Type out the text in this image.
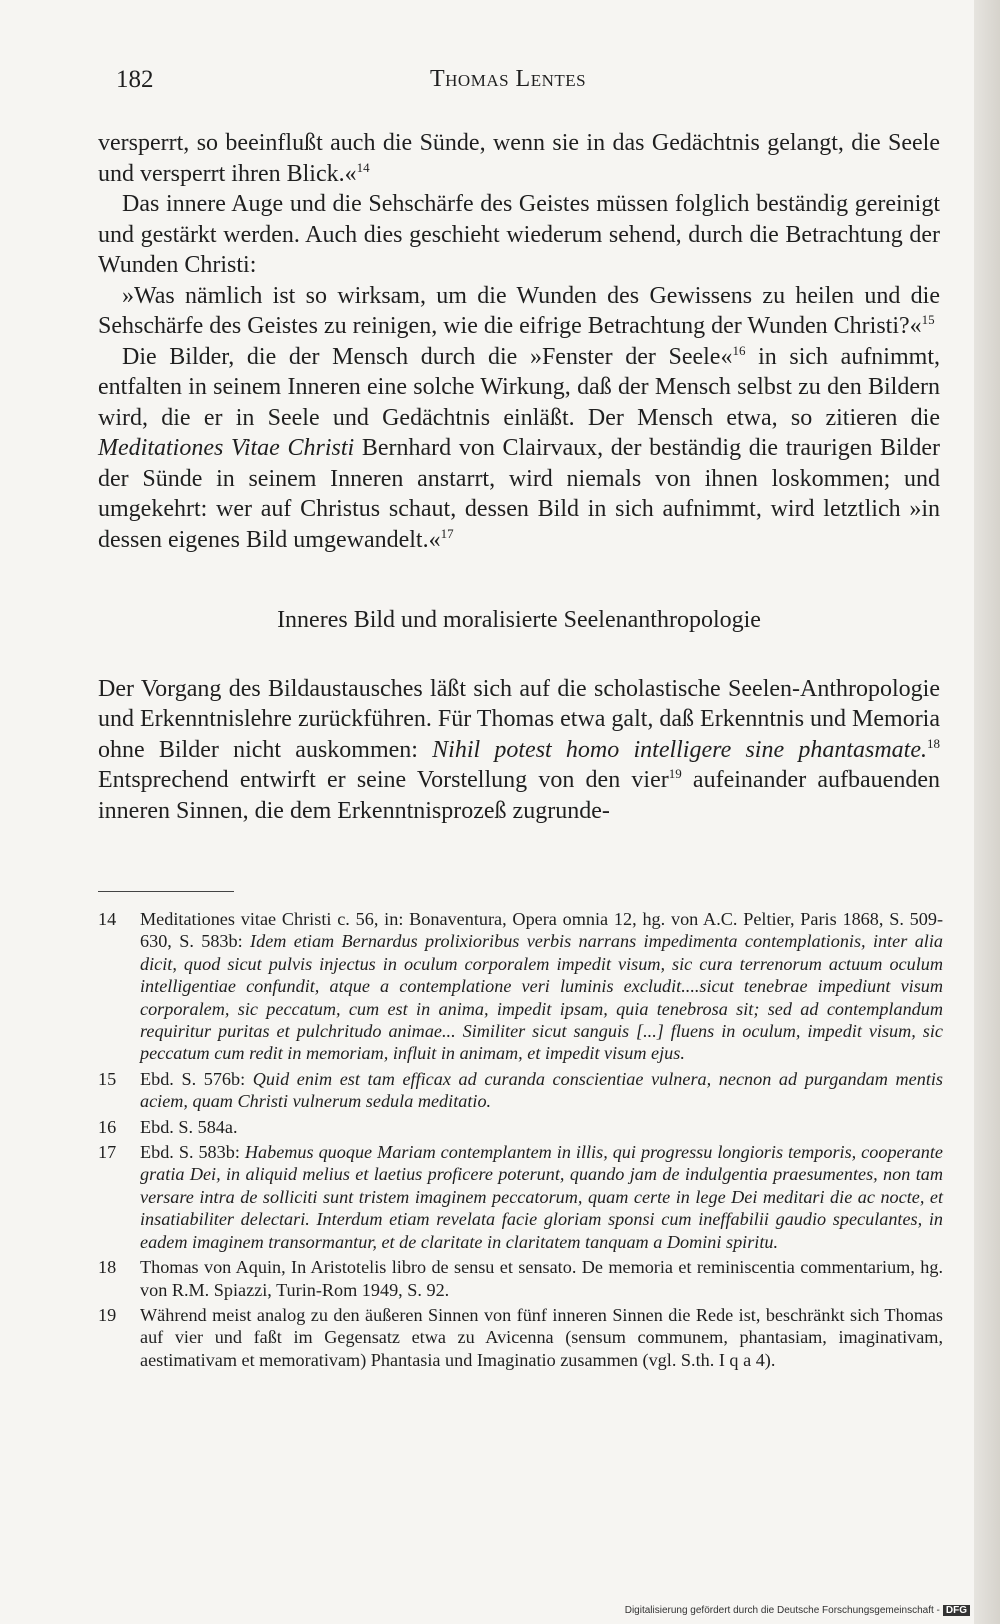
182	Thomas Lentes

versperrt, so beeinflußt auch die Sünde, wenn sie in das Gedächtnis gelangt, die Seele und versperrt ihren Blick.«$^{14}$

Das innere Auge und die Sehschärfe des Geistes müssen folglich beständig gereinigt und gestärkt werden. Auch dies geschieht wiederum sehend, durch die Betrachtung der Wunden Christi:

»Was nämlich ist so wirksam, um die Wunden des Gewissens zu heilen und die Sehschärfe des Geistes zu reinigen, wie die eifrige Betrachtung der Wunden Christi?«$^{15}$

Die Bilder, die der Mensch durch die »Fenster der Seele«$^{16}$ in sich aufnimmt, entfalten in seinem Inneren eine solche Wirkung, daß der Mensch selbst zu den Bildern wird, die er in Seele und Gedächtnis einläßt. Der Mensch etwa, so zitieren die Meditationes Vitae Christi Bernhard von Clairvaux, der beständig die traurigen Bilder der Sünde in seinem Inneren anstarrt, wird niemals von ihnen loskommen; und umgekehrt: wer auf Christus schaut, dessen Bild in sich aufnimmt, wird letztlich »in dessen eigenes Bild umgewandelt.«$^{17}$

Inneres Bild und moralisierte Seelenanthropologie

Der Vorgang des Bildaustausches läßt sich auf die scholastische Seelen-Anthropologie und Erkenntnislehre zurückführen. Für Thomas etwa galt, daß Erkenntnis und Memoria ohne Bilder nicht auskommen: Nihil potest homo intelligere sine phantasmate.$^{18}$ Entsprechend entwirft er seine Vorstellung von den vier$^{19}$ aufeinander aufbauenden inneren Sinnen, die dem Erkenntnisprozeß zugrunde-

14	Meditationes vitae Christi c. 56, in: Bonaventura, Opera omnia 12, hg. von A.C. Peltier, Paris 1868, S. 509-630, S. 583b: Idem etiam Bernardus prolixioribus verbis narrans impedimenta contemplationis, inter alia dicit, quod sicut pulvis injectus in oculum corporalem impedit visum, sic cura terrenorum actuum oculum intelligentiae confundit, atque a contemplatione veri luminis excludit....sicut tenebrae impediunt visum corporalem, sic peccatum, cum est in anima, impedit ipsam, quia tenebrosa sit; sed ad contemplandum requiritur puritas et pulchritudo animae... Similiter sicut sanguis [...] fluens in oculum, impedit visum, sic peccatum cum redit in memoriam, influit in animam, et impedit visum ejus.
15	Ebd. S. 576b: Quid enim est tam efficax ad curanda conscientiae vulnera, necnon ad purgandam mentis aciem, quam Christi vulnerum sedula meditatio.
16	Ebd. S. 584a.
17	Ebd. S. 583b: Habemus quoque Mariam contemplantem in illis, qui progressu longioris temporis, cooperante gratia Dei, in aliquid melius et laetius proficere poterunt, quando jam de indulgentia praesumentes, non tam versare intra de solliciti sunt tristem imaginem peccatorum, quam certe in lege Dei meditari die ac nocte, et insatiabiliter delectari. Interdum etiam revelata facie gloriam sponsi cum ineffabilii gaudio speculantes, in eadem imaginem transormantur, et de claritate in claritatem tanquam a Domini spiritu.
18	Thomas von Aquin, In Aristotelis libro de sensu et sensato. De memoria et reminiscentia commentarium, hg. von R.M. Spiazzi, Turin-Rom 1949, S. 92.
19	Während meist analog zu den äußeren Sinnen von fünf inneren Sinnen die Rede ist, beschränkt sich Thomas auf vier und faßt im Gegensatz etwa zu Avicenna (sensum communem, phantasiam, imaginativam, aestimativam et memorativam) Phantasia und Imaginatio zusammen (vgl. S.th. I q a 4).
Digitalisierung gefördert durch die Deutsche Forschungsgemeinschaft - DFG
